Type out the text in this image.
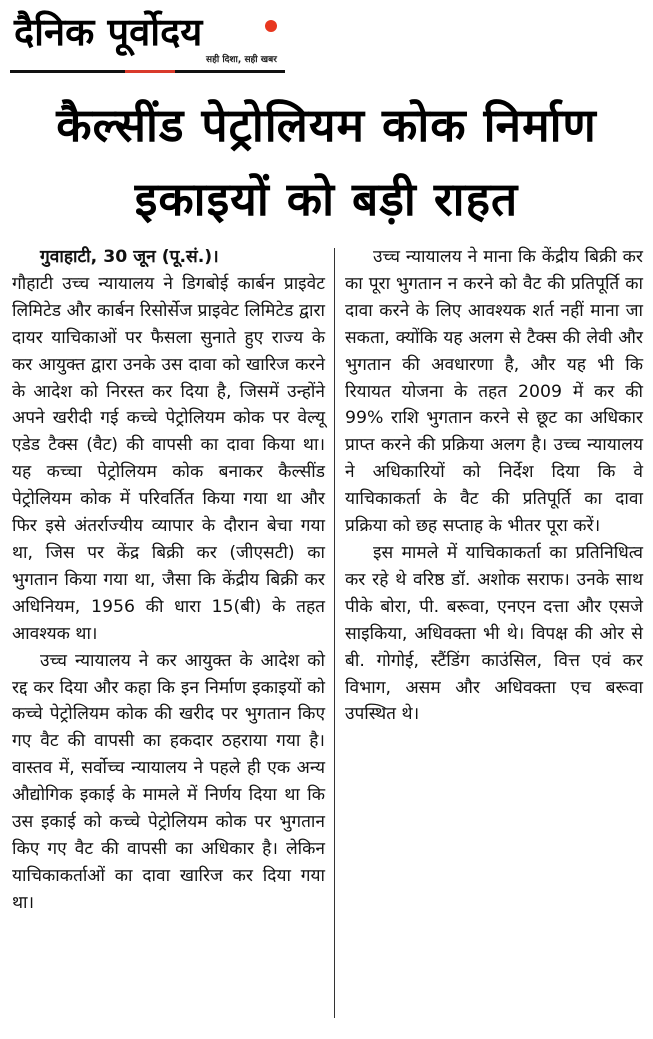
दैनिक पूर्वोदय
सही दिशा, सही खबर
कैल्सींड पेट्रोलियम कोक निर्माण
इकाइयों को बड़ी राहत

गुवाहाटी, 30 जून (पू.सं.)।

गौहाटी उच्च न्यायालय ने डिगबोई कार्बन प्राइवेट लिमिटेड और कार्बन रिसोर्सेज प्राइवेट लिमिटेड द्वारा दायर याचिकाओं पर फैसला सुनाते हुए राज्य के कर आयुक्त द्वारा उनके उस दावा को खारिज करने के आदेश को निरस्त कर दिया है, जिसमें उन्होंने अपने खरीदी गई कच्चे पेट्रोलियम कोक पर वेल्यू एडेड टैक्स (वैट) की वापसी का दावा किया था। यह कच्चा पेट्रोलियम कोक बनाकर कैल्सींड पेट्रोलियम कोक में परिवर्तित किया गया था और फिर इसे अंतर्राज्यीय व्यापार के दौरान बेचा गया था, जिस पर केंद्र बिक्री कर (जीएसटी) का भुगतान किया गया था, जैसा कि केंद्रीय बिक्री कर अधिनियम, 1956 की धारा 15(बी) के तहत आवश्यक था।

उच्च न्यायालय ने कर आयुक्त के आदेश को रद्द कर दिया और कहा कि इन निर्माण इकाइयों को कच्चे पेट्रोलियम कोक की खरीद पर भुगतान किए गए वैट की वापसी का हकदार ठहराया गया है। वास्तव में, सर्वोच्च न्यायालय ने पहले ही एक अन्य औद्योगिक इकाई के मामले में निर्णय दिया था कि उस इकाई को कच्चे पेट्रोलियम कोक पर भुगतान किए गए वैट की वापसी का अधिकार है। लेकिन याचिकाकर्ताओं का दावा खारिज कर दिया गया था।

उच्च न्यायालय ने माना कि केंद्रीय बिक्री कर का पूरा भुगतान न करने को वैट की प्रतिपूर्ति का दावा करने के लिए आवश्यक शर्त नहीं माना जा सकता, क्योंकि यह अलग से टैक्स की लेवी और भुगतान की अवधारणा है, और यह भी कि रियायत योजना के तहत 2009 में कर की 99% राशि भुगतान करने से छूट का अधिकार प्राप्त करने की प्रक्रिया अलग है। उच्च न्यायालय ने अधिकारियों को निर्देश दिया कि वे याचिकाकर्ता के वैट की प्रतिपूर्ति का दावा प्रक्रिया को छह सप्ताह के भीतर पूरा करें।

इस मामले में याचिकाकर्ता का प्रतिनिधित्व कर रहे थे वरिष्ठ डॉ. अशोक सराफ। उनके साथ पीके बोरा, पी. बरूवा, एनएन दत्ता और एसजे साइकिया, अधिवक्ता भी थे। विपक्ष की ओर से बी. गोगोई, स्टैंडिंग काउंसिल, वित्त एवं कर विभाग, असम और अधिवक्ता एच बरूवा उपस्थित थे।
